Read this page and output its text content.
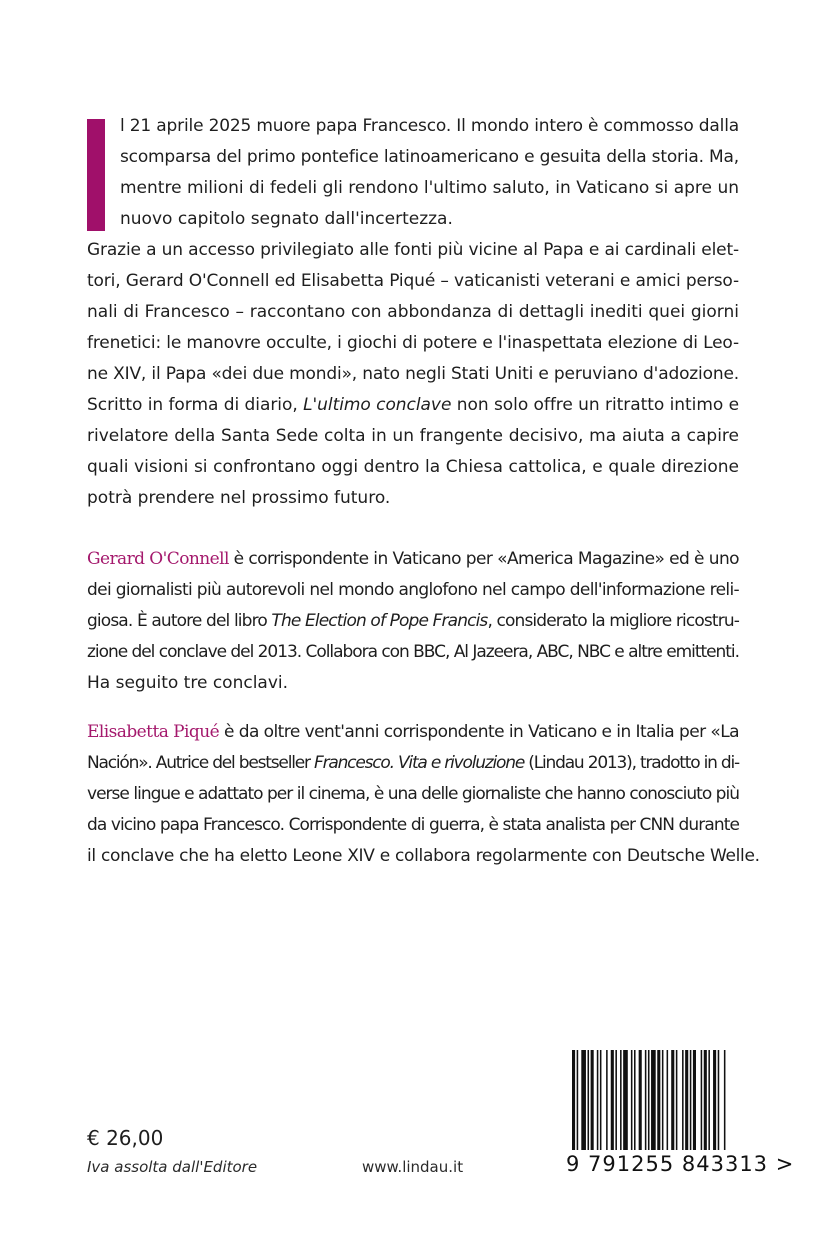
l 21 aprile 2025 muore papa Francesco. Il mondo intero è commosso dalla
scomparsa del primo pontefice latinoamericano e gesuita della storia. Ma,
mentre milioni di fedeli gli rendono l'ultimo saluto, in Vaticano si apre un
nuovo capitolo segnato dall'incertezza.
Grazie a un accesso privilegiato alle fonti più vicine al Papa e ai cardinali elet-
tori, Gerard O'Connell ed Elisabetta Piqué – vaticanisti veterani e amici perso-
nali di Francesco – raccontano con abbondanza di dettagli inediti quei giorni
frenetici: le manovre occulte, i giochi di potere e l'inaspettata elezione di Leo-
ne XIV, il Papa «dei due mondi», nato negli Stati Uniti e peruviano d'adozione.
Scritto in forma di diario, L'ultimo conclave non solo offre un ritratto intimo e
rivelatore della Santa Sede colta in un frangente decisivo, ma aiuta a capire
quali visioni si confrontano oggi dentro la Chiesa cattolica, e quale direzione
potrà prendere nel prossimo futuro.
Gerard O'Connell è corrispondente in Vaticano per «America Magazine» ed è uno
dei giornalisti più autorevoli nel mondo anglofono nel campo dell'informazione reli-
giosa. È autore del libro The Election of Pope Francis, considerato la migliore ricostru-
zione del conclave del 2013. Collabora con BBC, Al Jazeera, ABC, NBC e altre emittenti.
Ha seguito tre conclavi.
Elisabetta Piqué è da oltre vent'anni corrispondente in Vaticano e in Italia per «La
Nación». Autrice del bestseller Francesco. Vita e rivoluzione (Lindau 2013), tradotto in di-
verse lingue e adattato per il cinema, è una delle giornaliste che hanno conosciuto più
da vicino papa Francesco. Corrispondente di guerra, è stata analista per CNN durante
il conclave che ha eletto Leone XIV e collabora regolarmente con Deutsche Welle.
€ 26,00
Iva assolta dall'Editore	www.lindau.it	9 791255 843313 >
